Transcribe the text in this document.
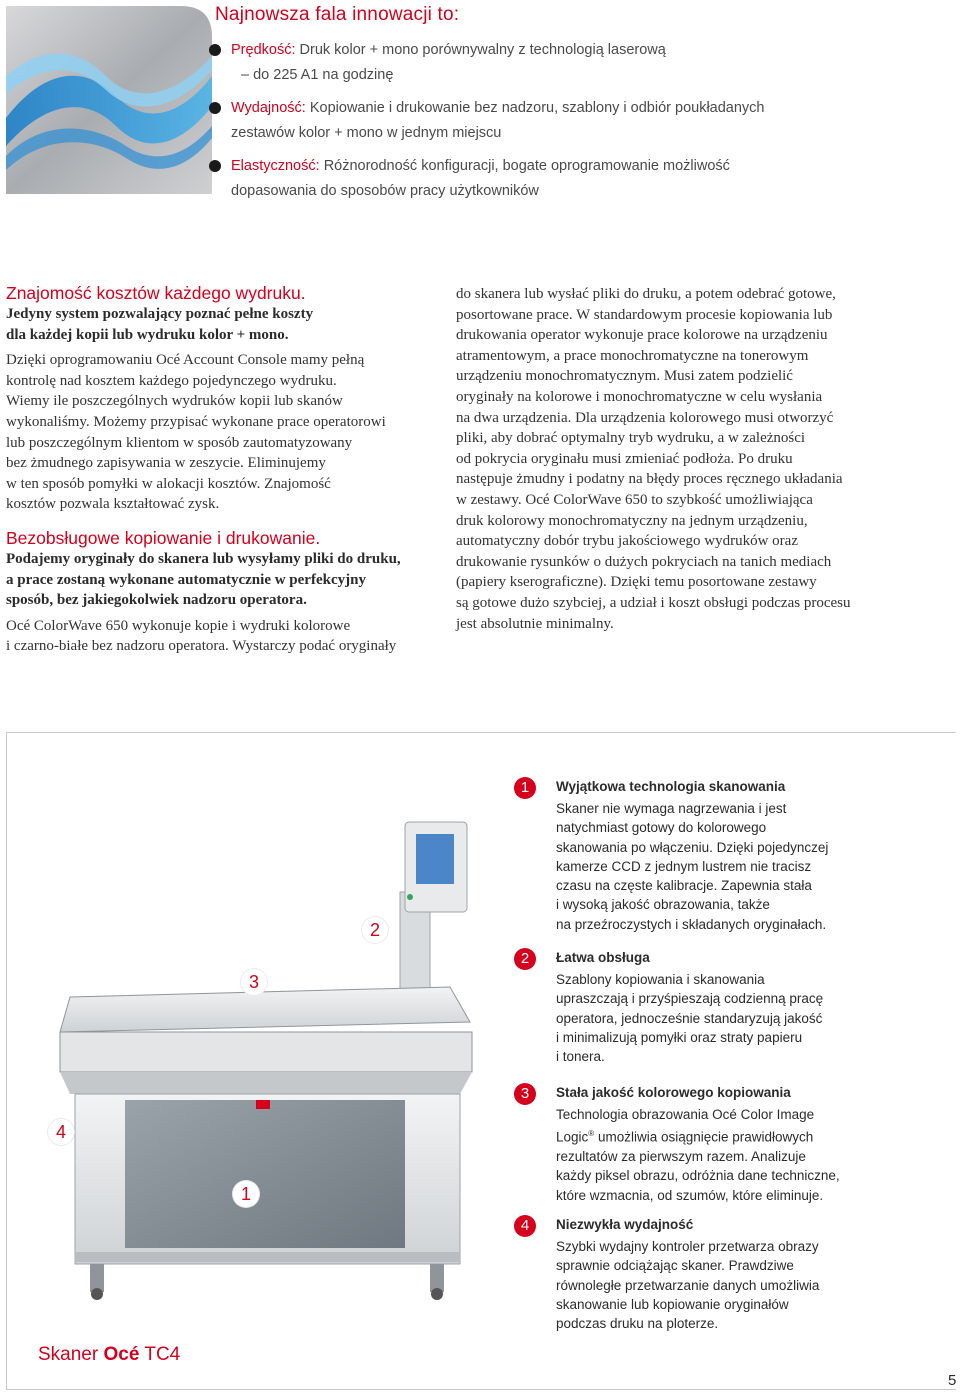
Najnowsza fala innowacji to:
Prędkość: Druk kolor + mono porównywalny z technologią laserową
– do 225 A1 na godzinę
Wydajność: Kopiowanie i drukowanie bez nadzoru, szablony i odbiór poukładanych
zestawów kolor + mono w jednym miejscu
Elastyczność: Różnorodność konfiguracji, bogate oprogramowanie możliwość
dopasowania do sposobów pracy użytkowników
Znajomość kosztów każdego wydruku.
Jedyny system pozwalający poznać pełne koszty
dla każdej kopii lub wydruku kolor + mono.
Dzięki oprogramowaniu Océ Account Console mamy pełną
kontrolę nad kosztem każdego pojedynczego wydruku.
Wiemy ile poszczególnych wydruków kopii lub skanów
wykonaliśmy. Możemy przypisać wykonane prace operatorowi
lub poszczególnym klientom w sposób zautomatyzowany
bez żmudnego zapisywania w zeszycie. Eliminujemy
w ten sposób pomyłki w alokacji kosztów. Znajomość
kosztów pozwala kształtować zysk.
Bezobsługowe kopiowanie i drukowanie.
Podajemy oryginały do skanera lub wysyłamy pliki do druku,
a prace zostaną wykonane automatycznie w perfekcyjny
sposób, bez jakiegokolwiek nadzoru operatora.
Océ ColorWave 650 wykonuje kopie i wydruki kolorowe
i czarno-białe bez nadzoru operatora. Wystarczy podać oryginały
do skanera lub wysłać pliki do druku, a potem odebrać gotowe,
posortowane prace. W standardowym procesie kopiowania lub
drukowania operator wykonuje prace kolorowe na urządzeniu
atramentowym, a prace monochromatyczne na tonerowym
urządzeniu monochromatycznym. Musi zatem podzielić
oryginały na kolorowe i monochromatyczne w celu wysłania
na dwa urządzenia. Dla urządzenia kolorowego musi otworzyć
pliki, aby dobrać optymalny tryb wydruku, a w zależności
od pokrycia oryginału musi zmieniać podłoża. Po druku
następuje żmudny i podatny na błędy proces ręcznego układania
w zestawy. Océ ColorWave 650 to szybkość umożliwiająca
druk kolorowy monochromatyczny na jednym urządzeniu,
automatyczny dobór trybu jakościowego wydruków oraz
drukowanie rysunków o dużych pokryciach na tanich mediach
(papiery kserograficzne). Dzięki temu posortowane zestawy
są gotowe dużo szybciej, a udział i koszt obsługi podczas procesu
jest absolutnie minimalny.
2
3
4
1
Skaner Océ TC4
1	Wyjątkowa technologia skanowania
Skaner nie wymaga nagrzewania i jest
natychmiast gotowy do kolorowego
skanowania po włączeniu. Dzięki pojedynczej
kamerze CCD z jednym lustrem nie tracisz
czasu na częste kalibracje. Zapewnia stała
i wysoką jakość obrazowania, także
na przeźroczystych i składanych oryginałach.
2	Łatwa obsługa
Szablony kopiowania i skanowania
upraszczają i przyśpieszają codzienną pracę
operatora, jednocześnie standaryzują jakość
i minimalizują pomyłki oraz straty papieru
i tonera.
3	Stała jakość kolorowego kopiowania
Technologia obrazowania Océ Color Image
Logic® umożliwia osiągnięcie prawidłowych
rezultatów za pierwszym razem. Analizuje
każdy piksel obrazu, odróżnia dane techniczne,
które wzmacnia, od szumów, które eliminuje.
4	Niezwykła wydajność
Szybki wydajny kontroler przetwarza obrazy
sprawnie odciążając skaner. Prawdziwe
równoległe przetwarzanie danych umożliwia
skanowanie lub kopiowanie oryginałów
podczas druku na ploterze.
5
